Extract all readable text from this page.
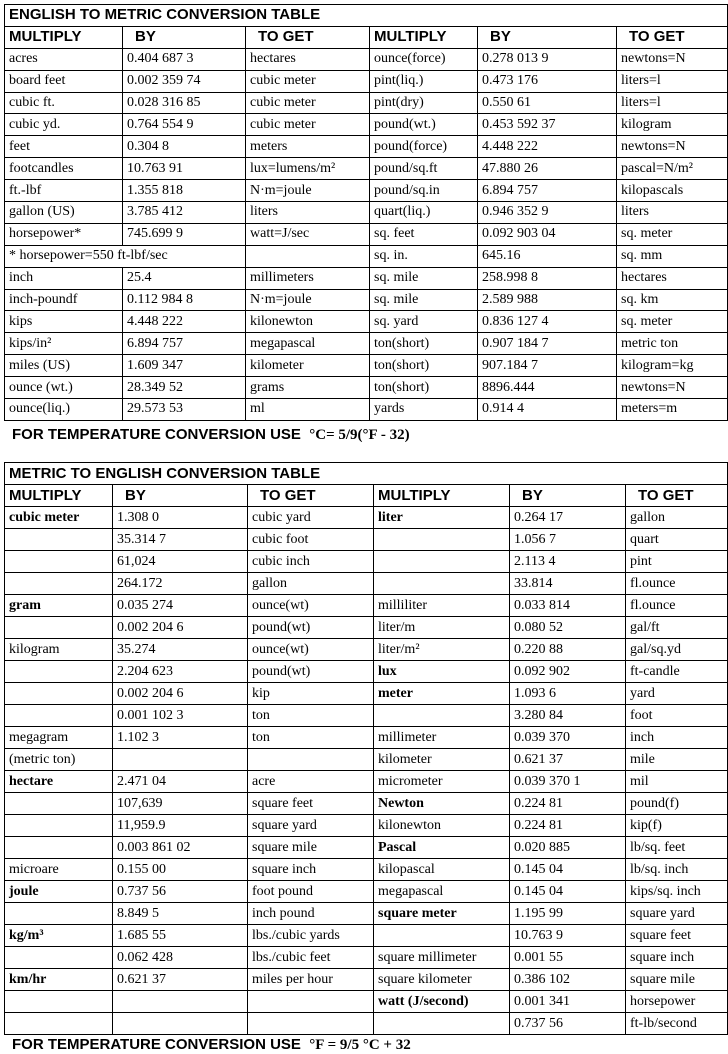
ENGLISH TO METRIC CONVERSION TABLE					
MULTIPLY	BY	TO GET	MULTIPLY	BY	TO GET
acres	0.404 687 3	hectares	ounce(force)	0.278 013 9	newtons=N
board feet	0.002 359 74	cubic meter	pint(liq.)	0.473 176	liters=l
cubic ft.	0.028 316 85	cubic meter	pint(dry)	0.550 61	liters=l
cubic yd.	0.764 554 9	cubic meter	pound(wt.)	0.453 592 37	kilogram
feet	0.304 8	meters	pound(force)	4.448 222	newtons=N
footcandles	10.763 91	lux=lumens/m²	pound/sq.ft	47.880 26	pascal=N/m²
ft.-lbf	1.355 818	N·m=joule	pound/sq.in	6.894 757	kilopascals
gallon (US)	3.785 412	liters	quart(liq.)	0.946 352 9	liters
horsepower*	745.699 9	watt=J/sec	sq. feet	0.092 903 04	sq. meter
* horsepower=550 ft-lbf/sec			sq. in.	645.16	sq. mm
inch	25.4	millimeters	sq. mile	258.998 8	hectares
inch-poundf	0.112 984 8	N·m=joule	sq. mile	2.589 988	sq. km
kips	4.448 222	kilonewton	sq. yard	0.836 127 4	sq. meter
kips/in²	6.894 757	megapascal	ton(short)	0.907 184 7	metric ton
miles (US)	1.609 347	kilometer	ton(short)	907.184 7	kilogram=kg
ounce (wt.)	28.349 52	grams	ton(short)	8896.444	newtons=N
ounce(liq.)	29.573 53	ml	yards	0.914 4	meters=m
FOR TEMPERATURE CONVERSION USE °C= 5/9(°F - 32)
METRIC TO ENGLISH CONVERSION TABLE					
MULTIPLY	BY	TO GET	MULTIPLY	BY	TO GET
cubic meter	1.308 0	cubic yard	liter	0.264 17	gallon
	35.314 7	cubic foot		1.056 7	quart
	61,024	cubic inch		2.113 4	pint
	264.172	gallon		33.814	fl.ounce
gram	0.035 274	ounce(wt)	milliliter	0.033 814	fl.ounce
	0.002 204 6	pound(wt)	liter/m	0.080 52	gal/ft
kilogram	35.274	ounce(wt)	liter/m²	0.220 88	gal/sq.yd
	2.204 623	pound(wt)	lux	0.092 902	ft-candle
	0.002 204 6	kip	meter	1.093 6	yard
	0.001 102 3	ton		3.280 84	foot
megagram	1.102 3	ton	millimeter	0.039 370	inch
(metric ton)			kilometer	0.621 37	mile
hectare	2.471 04	acre	micrometer	0.039 370 1	mil
	107,639	square feet	Newton	0.224 81	pound(f)
	11,959.9	square yard	kilonewton	0.224 81	kip(f)
	0.003 861 02	square mile	Pascal	0.020 885	lb/sq. feet
microare	0.155 00	square inch	kilopascal	0.145 04	lb/sq. inch
joule	0.737 56	foot pound	megapascal	0.145 04	kips/sq. inch
	8.849 5	inch pound	square meter	1.195 99	square yard
kg/m³	1.685 55	lbs./cubic yards		10.763 9	square feet
	0.062 428	lbs./cubic feet	square millimeter	0.001 55	square inch
km/hr	0.621 37	miles per hour	square kilometer	0.386 102	square mile
			watt (J/second)	0.001 341	horsepower
				0.737 56	ft-lb/second
FOR TEMPERATURE CONVERSION USE °F = 9/5 °C + 32
